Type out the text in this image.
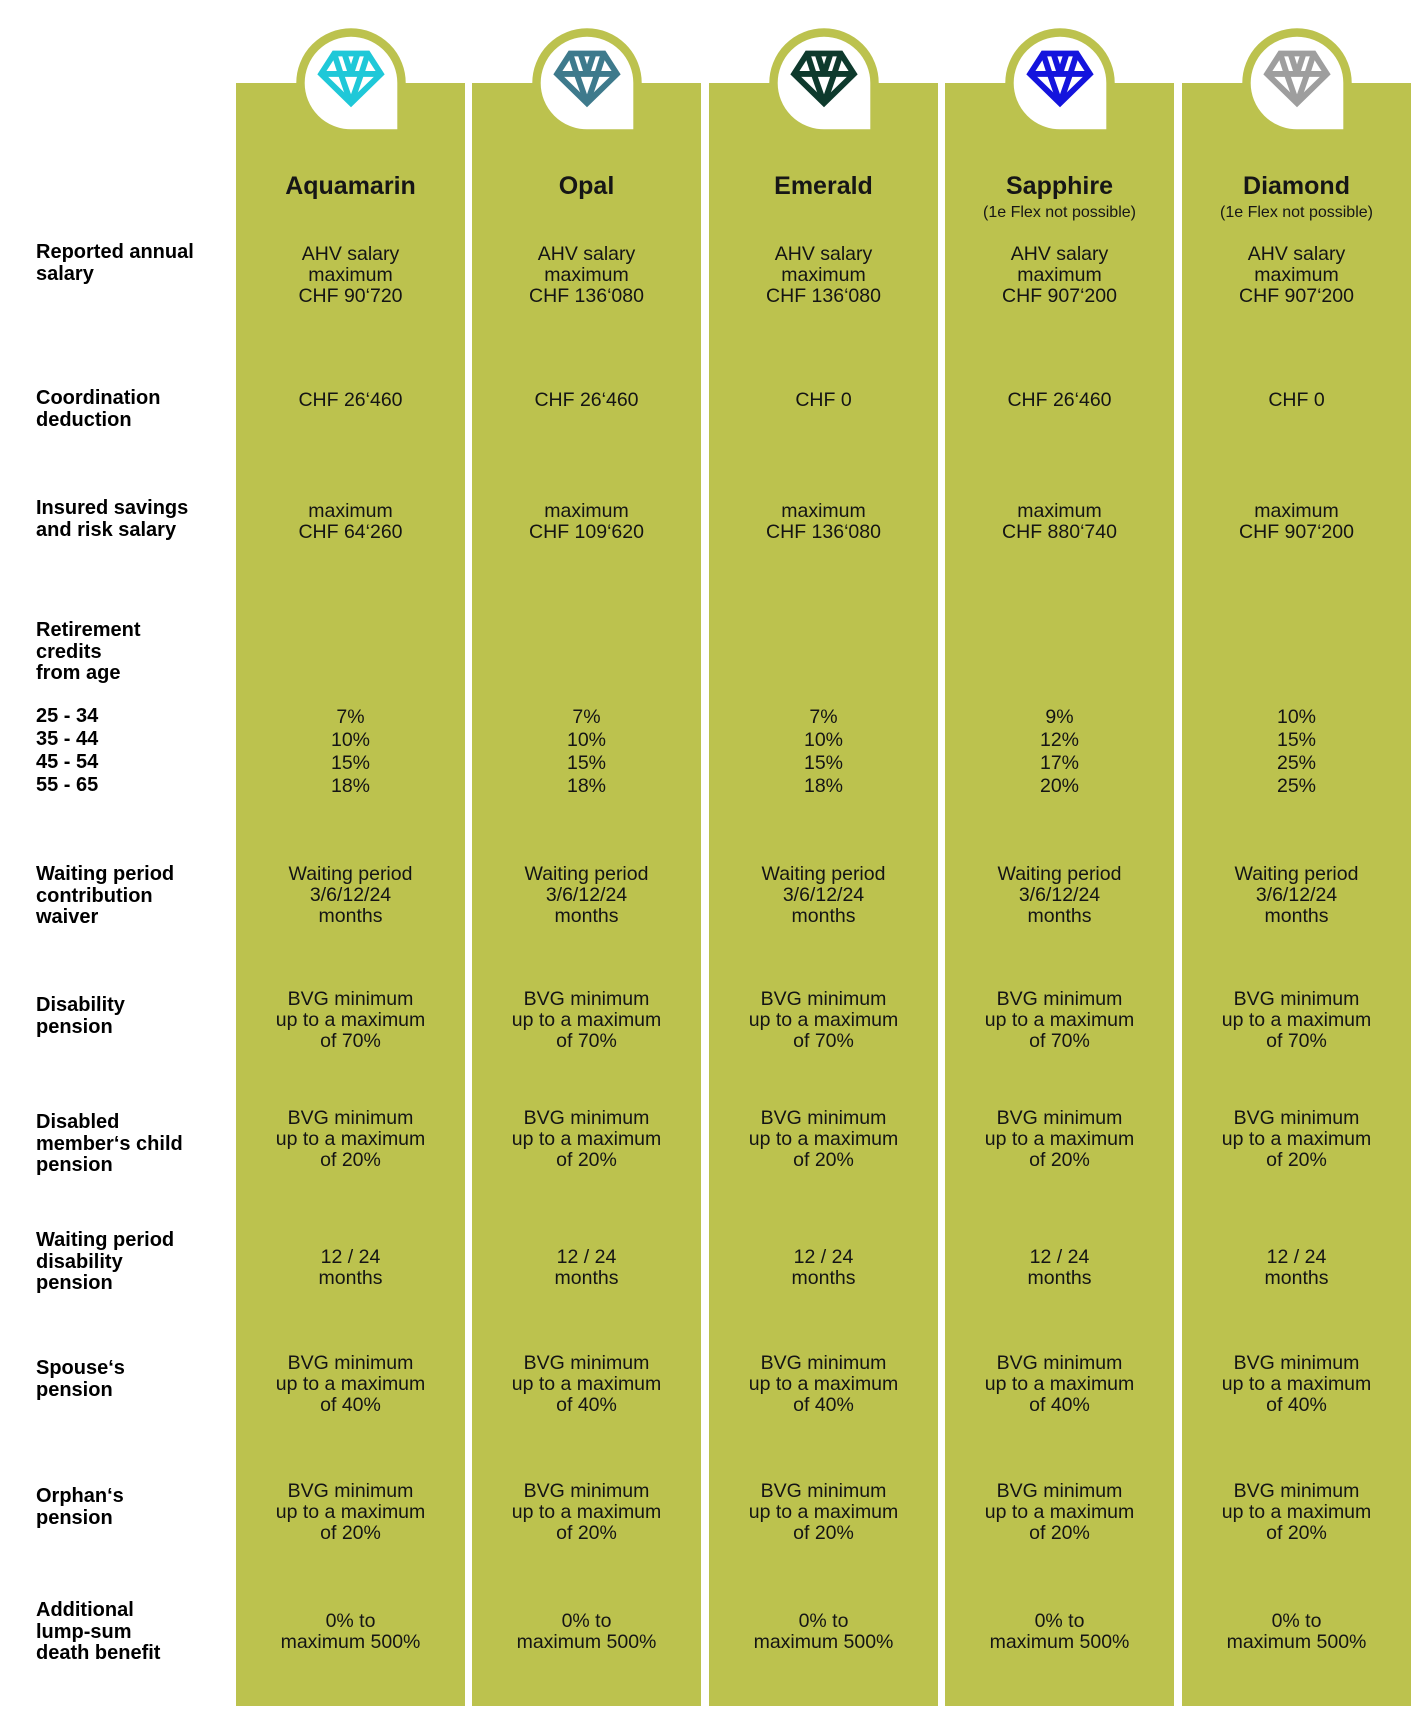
Aquamarin
AHV salary
maximum
CHF 90‘720
CHF 26‘460
maximum
CHF 64‘260
7%
10%
15%
18%
Waiting period
3/6/12/24
months
BVG minimum
up to a maximum
of 70%
BVG minimum
up to a maximum
of 20%
12 / 24
months
BVG minimum
up to a maximum
of 40%
BVG minimum
up to a maximum
of 20%
0% to
maximum 500%
Opal
AHV salary
maximum
CHF 136‘080
CHF 26‘460
maximum
CHF 109‘620
7%
10%
15%
18%
Waiting period
3/6/12/24
months
BVG minimum
up to a maximum
of 70%
BVG minimum
up to a maximum
of 20%
12 / 24
months
BVG minimum
up to a maximum
of 40%
BVG minimum
up to a maximum
of 20%
0% to
maximum 500%
Emerald
AHV salary
maximum
CHF 136‘080
CHF 0
maximum
CHF 136‘080
7%
10%
15%
18%
Waiting period
3/6/12/24
months
BVG minimum
up to a maximum
of 70%
BVG minimum
up to a maximum
of 20%
12 / 24
months
BVG minimum
up to a maximum
of 40%
BVG minimum
up to a maximum
of 20%
0% to
maximum 500%
Sapphire
(1e Flex not possible)
AHV salary
maximum
CHF 907‘200
CHF 26‘460
maximum
CHF 880‘740
9%
12%
17%
20%
Waiting period
3/6/12/24
months
BVG minimum
up to a maximum
of 70%
BVG minimum
up to a maximum
of 20%
12 / 24
months
BVG minimum
up to a maximum
of 40%
BVG minimum
up to a maximum
of 20%
0% to
maximum 500%
Diamond
(1e Flex not possible)
AHV salary
maximum
CHF 907‘200
CHF 0
maximum
CHF 907‘200
10%
15%
25%
25%
Waiting period
3/6/12/24
months
BVG minimum
up to a maximum
of 70%
BVG minimum
up to a maximum
of 20%
12 / 24
months
BVG minimum
up to a maximum
of 40%
BVG minimum
up to a maximum
of 20%
0% to
maximum 500%
Reported annual
salary
Coordination
deduction
Insured savings
and risk salary
Retirement
credits
from age
25 - 34
35 - 44
45 - 54
55 - 65
Waiting period
contribution
waiver
Disability
pension
Disabled
member‘s child
pension
Waiting period
disability
pension
Spouse‘s
pension
Orphan‘s
pension
Additional
lump-sum
death benefit
